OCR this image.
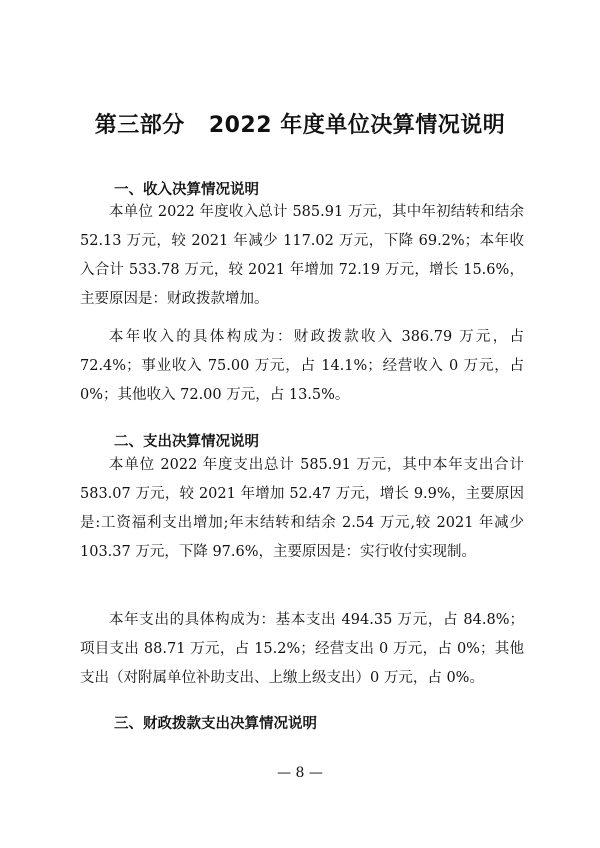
第三部分 2022 年度单位决算情况说明
一、收入决算情况说明

本单位 2022 年度收入总计 585.91 万元，其中年初结转和结余 52.13 万元，较 2021 年减少 117.02 万元，下降 69.2%；本年收入合计 533.78 万元，较 2021 年增加 72.19 万元，增长 15.6%，主要原因是：财政拨款增加。

本年收入的具体构成为：财政拨款收入 386.79 万元，占 72.4%；事业收入 75.00 万元，占 14.1%；经营收入 0 万元，占 0%；其他收入 72.00 万元，占 13.5%。

二、支出决算情况说明

本单位 2022 年度支出总计 585.91 万元，其中本年支出合计 583.07 万元，较 2021 年增加 52.47 万元，增长 9.9%，主要原因是:工资福利支出增加;年末结转和结余 2.54 万元,较 2021 年减少 103.37 万元，下降 97.6%，主要原因是：实行收付实现制。

本年支出的具体构成为：基本支出 494.35 万元，占 84.8%；项目支出 88.71 万元，占 15.2%；经营支出 0 万元，占 0%；其他支出（对附属单位补助支出、上缴上级支出）0 万元，占 0%。

三、财政拨款支出决算情况说明
— 8 —
